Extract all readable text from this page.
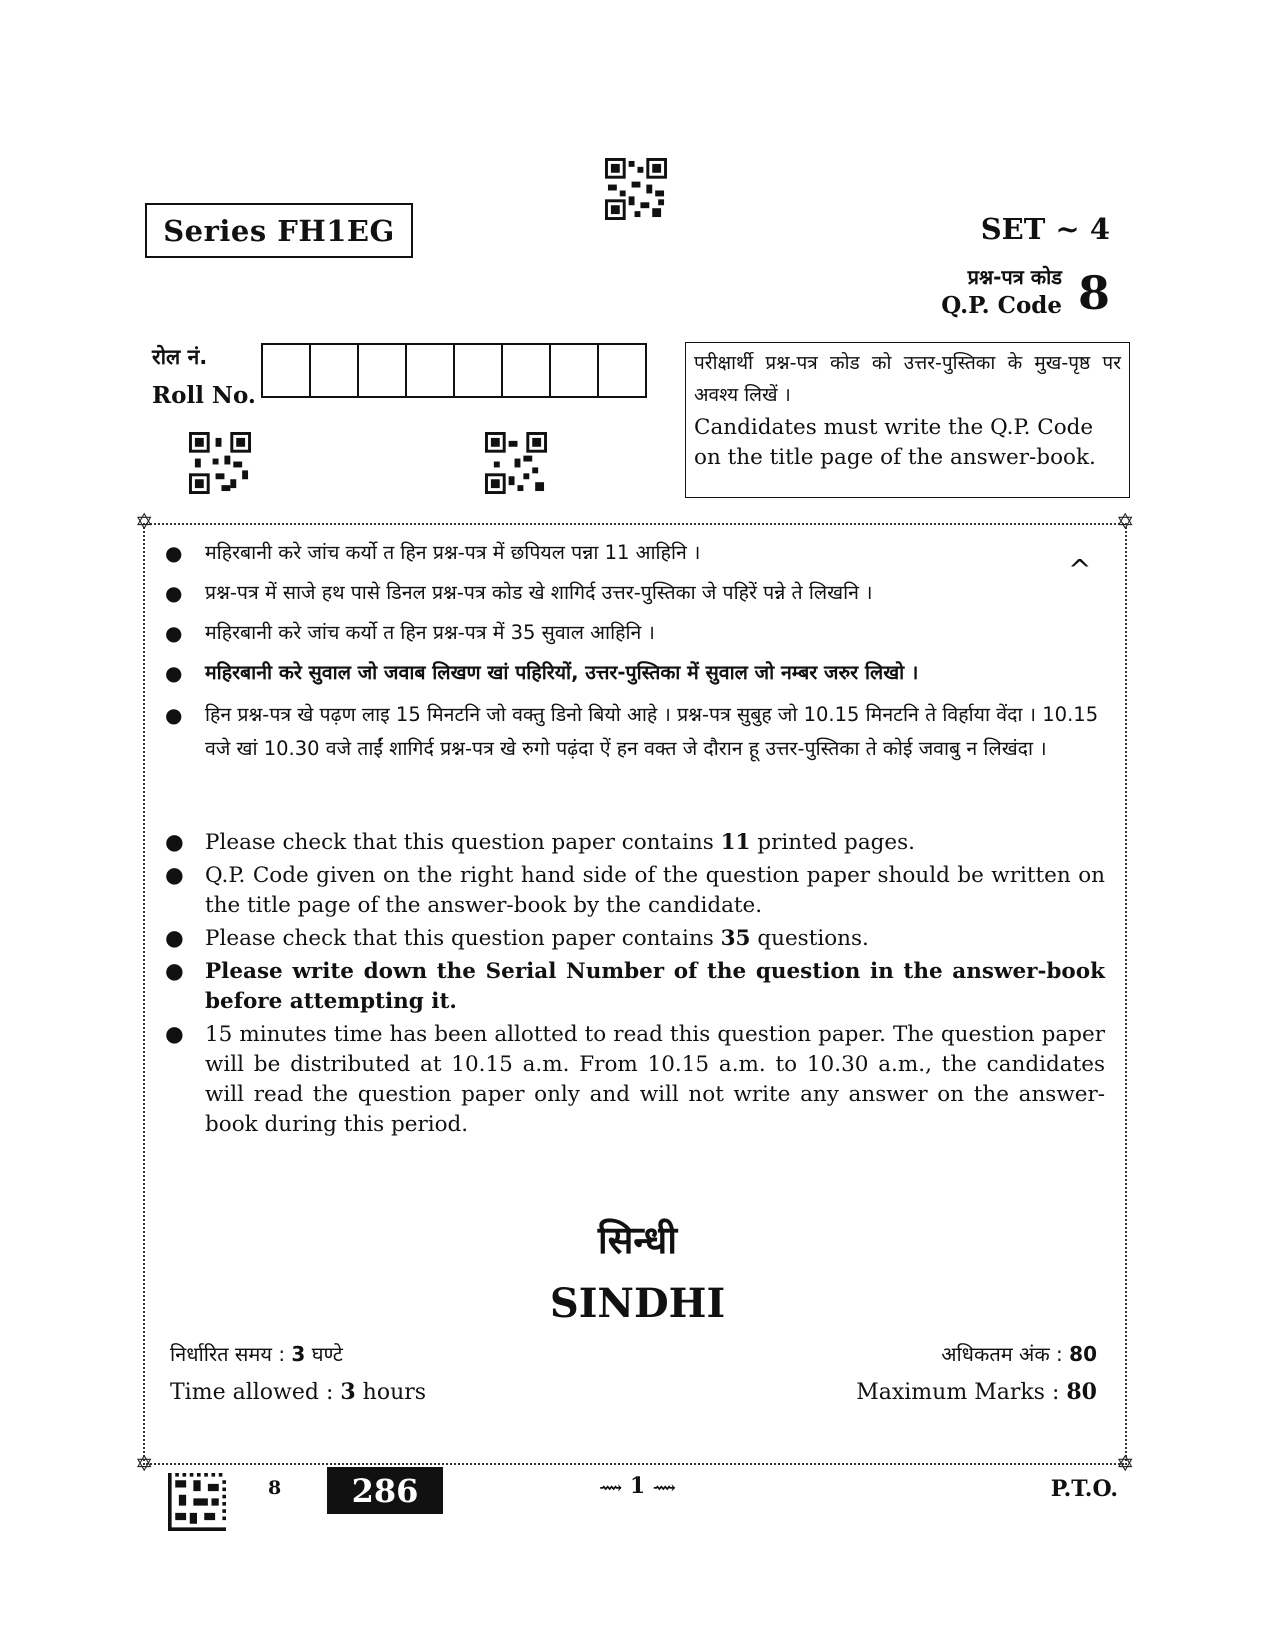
Series FH1EG	SET ~ 4
प्रश्न-पत्र कोड
Q.P. Code 8
रोल नं.
Roll No.
परीक्षार्थी प्रश्न-पत्र कोड को उत्तर-पुस्तिका के मुख-पृष्ठ पर अवश्य लिखें ।
Candidates must write the Q.P. Code on the title page of the answer-book.
✡	✡
✡	✡
^
●	महिरबानी करे जांच कर्यो त हिन प्रश्न-पत्र में छपियल पन्ना 11 आहिनि ।
●	प्रश्न-पत्र में साजे हथ पासे डिनल प्रश्न-पत्र कोड खे शागिर्द उत्तर-पुस्तिका जे पहिरें पन्ने ते लिखनि ।
●	महिरबानी करे जांच कर्यो त हिन प्रश्न-पत्र में 35 सुवाल आहिनि ।
●	महिरबानी करे सुवाल जो जवाब लिखण खां पहिरियों, उत्तर-पुस्तिका में सुवाल जो नम्बर जरुर लिखो ।
●	हिन प्रश्न-पत्र खे पढ़ण लाइ 15 मिनटनि जो वक्तु डिनो बियो आहे । प्रश्न-पत्र सुबुह जो 10.15 मिनटनि ते विर्हाया वेंदा । 10.15 वजे खां 10.30 वजे ताईं शागिर्द प्रश्न-पत्र खे रुगो पढ़ंदा ऐं हन वक्त जे दौरान हू उत्तर-पुस्तिका ते कोई जवाबु न लिखंदा ।
● Please check that this question paper contains 11 printed pages.
● Q.P. Code given on the right hand side of the question paper should be written on the title page of the answer-book by the candidate.
● Please check that this question paper contains 35 questions.
● Please write down the Serial Number of the question in the answer-book before attempting it.
● 15 minutes time has been allotted to read this question paper. The question paper will be distributed at 10.15 a.m. From 10.15 a.m. to 10.30 a.m., the candidates will read the question paper only and will not write any answer on the answer-book during this period.
सिन्धी
SINDHI
निर्धारित समय : 3 घण्टे
Time allowed : 3 hours
अधिकतम अंक : 80
Maximum Marks : 80
8	286	⟿ 1 ⟿	P.T.O.
